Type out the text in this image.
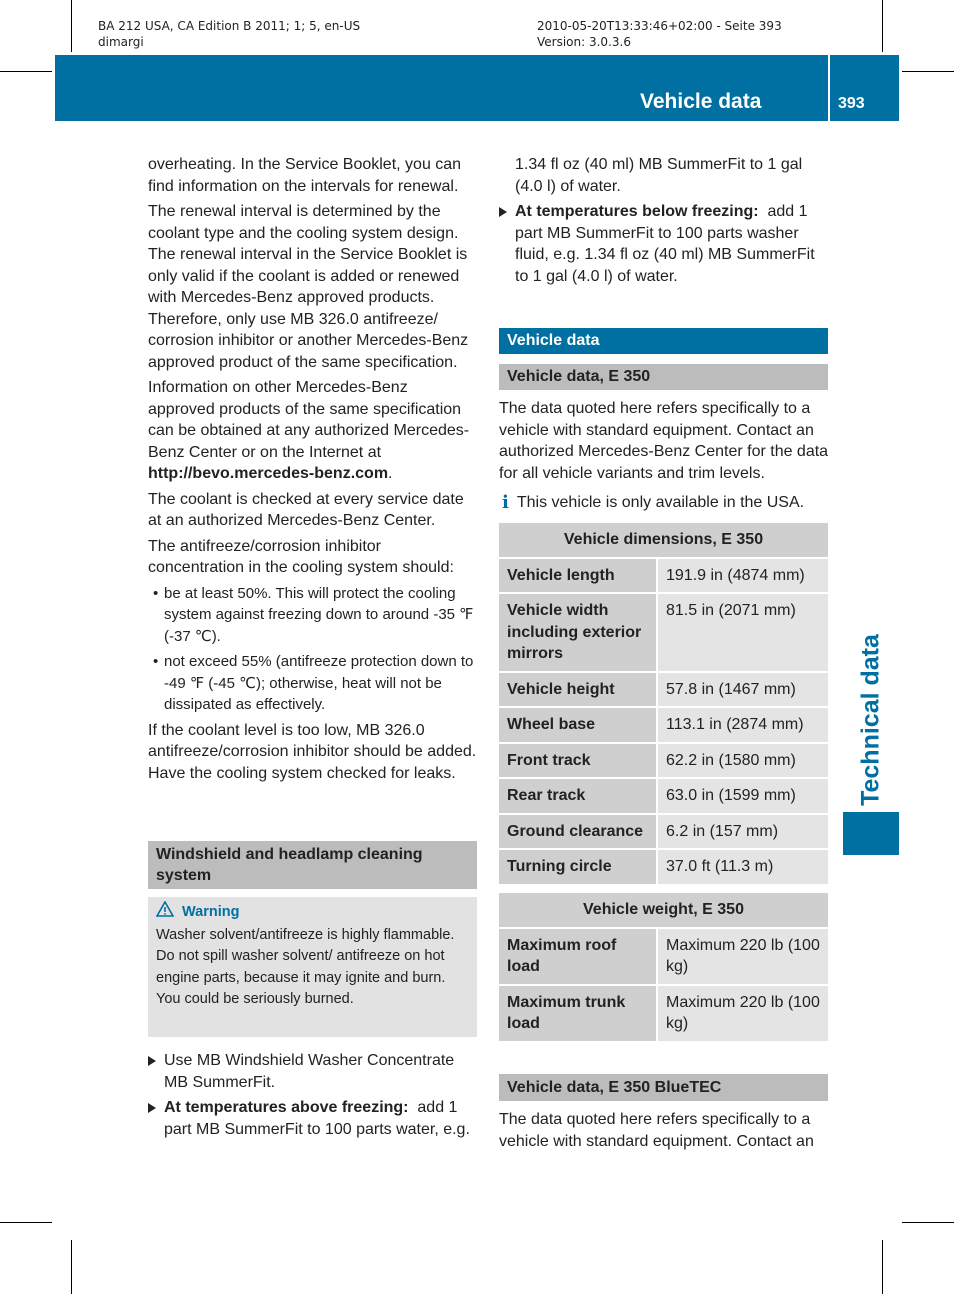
BA 212 USA, CA Edition B 2011; 1; 5, en-US
dimargi
2010-05-20T13:33:46+02:00 - Seite 393
Version: 3.0.3.6
Vehicle data	393
Technical data

overheating. In the Service Booklet, you can find information on the intervals for renewal.

The renewal interval is determined by the coolant type and the cooling system design. The renewal interval in the Service Booklet is only valid if the coolant is added or renewed with Mercedes-Benz approved products. Therefore, only use MB 326.0 antifreeze/ corrosion inhibitor or another Mercedes-Benz approved product of the same specification.

Information on other Mercedes-Benz approved products of the same specification can be obtained at any authorized Mercedes-Benz Center or on the Internet at http://bevo.mercedes-benz.com.

The coolant is checked at every service date at an authorized Mercedes-Benz Center.

The antifreeze/corrosion inhibitor concentration in the cooling system should:

• be at least 50%. This will protect the cooling system against freezing down to around -35 ℉ (-37 ℃).
• not exceed 55% (antifreeze protection down to -49 ℉ (-45 ℃); otherwise, heat will not be dissipated as effectively.

If the coolant level is too low, MB 326.0 antifreeze/corrosion inhibitor should be added. Have the cooling system checked for leaks.

Windshield and headlamp cleaning system
Warning
Washer solvent/antifreeze is highly flammable. Do not spill washer solvent/ antifreeze on hot engine parts, because it may ignite and burn. You could be seriously burned.
Use MB Windshield Washer Concentrate MB SummerFit.
At temperatures above freezing: add 1 part MB SummerFit to 100 parts water, e.g.
1.34 fl oz (40 ml) MB SummerFit to 1 gal (4.0 l) of water.
At temperatures below freezing: add 1 part MB SummerFit to 100 parts washer fluid, e.g. 1.34 fl oz (40 ml) MB SummerFit to 1 gal (4.0 l) of water.
Vehicle data
Vehicle data, E 350
The data quoted here refers specifically to a vehicle with standard equipment. Contact an authorized Mercedes-Benz Center for the data for all vehicle variants and trim levels.
i This vehicle is only available in the USA.
Vehicle dimensions, E 350	
Vehicle length	191.9 in (4874 mm)
Vehicle width including exterior mirrors	81.5 in (2071 mm)
Vehicle height	57.8 in (1467 mm)
Wheel base	113.1 in (2874 mm)
Front track	62.2 in (1580 mm)
Rear track	63.0 in (1599 mm)
Ground clearance	6.2 in (157 mm)
Turning circle	37.0 ft (11.3 m)
Vehicle weight, E 350	
Maximum roof load	Maximum 220 lb (100 kg)
Maximum trunk load	Maximum 220 lb (100 kg)
Vehicle data, E 350 BlueTEC
The data quoted here refers specifically to a vehicle with standard equipment. Contact an
